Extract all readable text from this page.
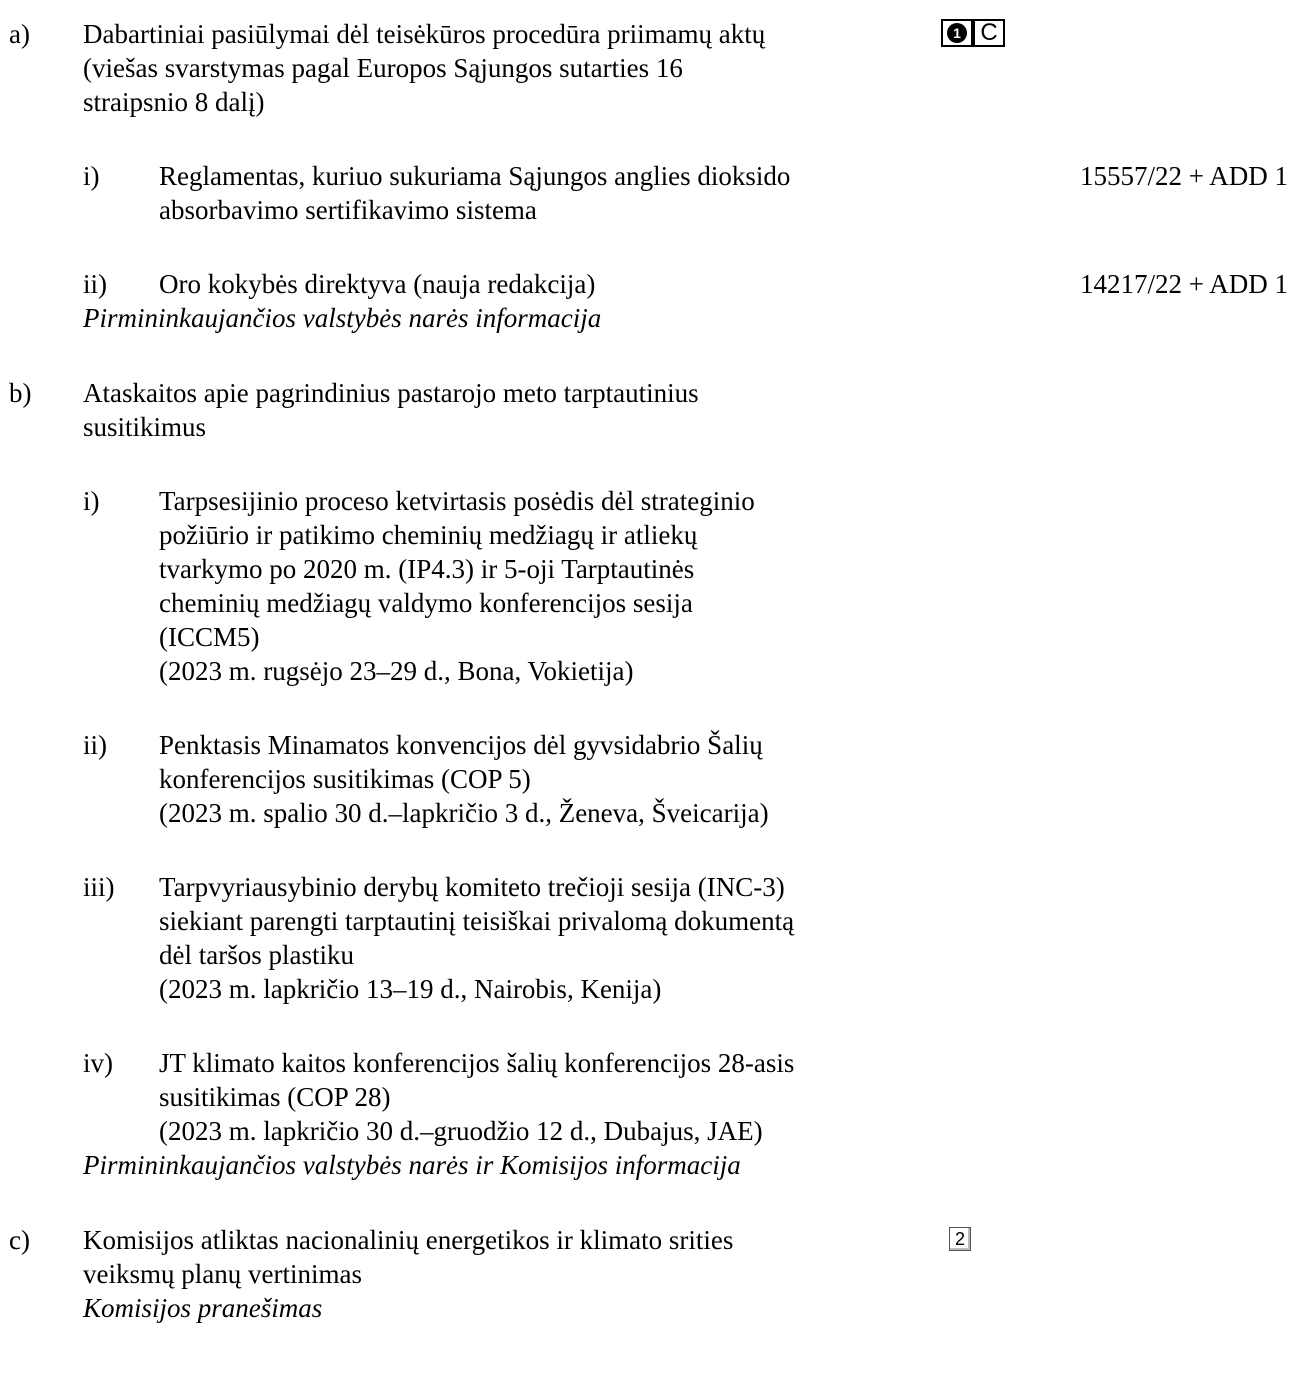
a) Dabartiniai pasiūlymai dėl teisėkūros procedūra priimamų aktų
(viešas svarstymas pagal Europos Sąjungos sutarties 16
straipsnio 8 dalį)
1 C
i) Reglamentas, kuriuo sukuriama Sąjungos anglies dioksido
absorbavimo sertifikavimo sistema
15557/22 + ADD 1
ii) Oro kokybės direktyva (nauja redakcija)	14217/22 + ADD 1
Pirmininkaujančios valstybės narės informacija
b) Ataskaitos apie pagrindinius pastarojo meto tarptautinius
susitikimus
i) Tarpsesijinio proceso ketvirtasis posėdis dėl strateginio
požiūrio ir patikimo cheminių medžiagų ir atliekų
tvarkymo po 2020 m. (IP4.3) ir 5-oji Tarptautinės
cheminių medžiagų valdymo konferencijos sesija
(ICCM5)
(2023 m. rugsėjo 23–29 d., Bona, Vokietija)
ii) Penktasis Minamatos konvencijos dėl gyvsidabrio Šalių
konferencijos susitikimas (COP 5)
(2023 m. spalio 30 d.–lapkričio 3 d., Ženeva, Šveicarija)
iii) Tarpvyriausybinio derybų komiteto trečioji sesija (INC-3)
siekiant parengti tarptautinį teisiškai privalomą dokumentą
dėl taršos plastiku
(2023 m. lapkričio 13–19 d., Nairobis, Kenija)
iv) JT klimato kaitos konferencijos šalių konferencijos 28-asis
susitikimas (COP 28)
(2023 m. lapkričio 30 d.–gruodžio 12 d., Dubajus, JAE)
Pirmininkaujančios valstybės narės ir Komisijos informacija
c) Komisijos atliktas nacionalinių energetikos ir klimato srities
veiksmų planų vertinimas
Komisijos pranešimas
2
